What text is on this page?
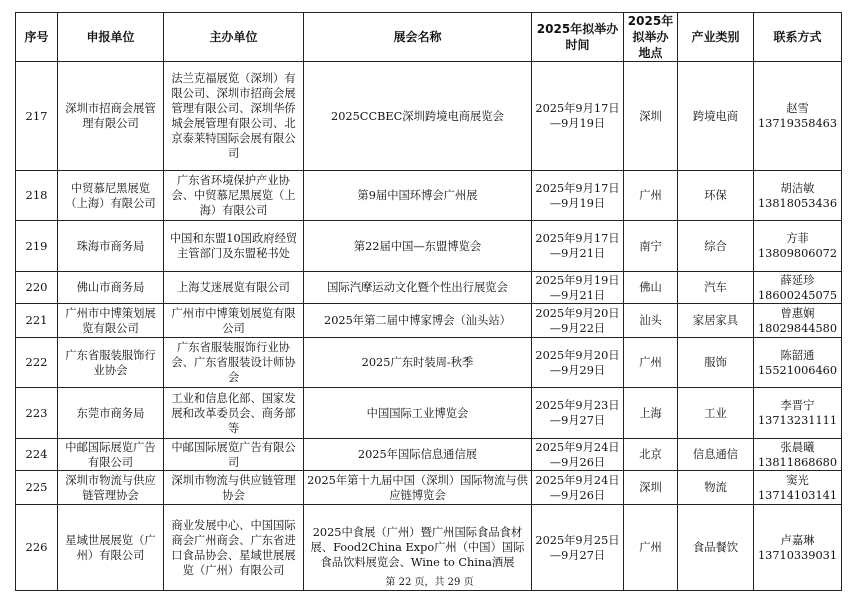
序号	申报单位	主办单位	展会名称	2025年拟举办时间	2025年拟举办地点	产业类别	联系方式
217	深圳市招商会展管理有限公司	法兰克福展览（深圳）有限公司、深圳市招商会展管理有限公司、深圳华侨城会展管理有限公司、北京泰莱特国际会展有限公司	2025CCBEC深圳跨境电商展览会	2025年9月17日—9月19日	深圳	跨境电商	赵雪
13719358463

218	中贸慕尼黑展览（上海）有限公司	广东省环境保护产业协会、中贸慕尼黑展览（上海）有限公司	第9届中国环博会广州展	2025年9月17日—9月19日	广州	环保	胡洁敏
13818053436

219	珠海市商务局	中国和东盟10国政府经贸主管部门及东盟秘书处	第22届中国—东盟博览会	2025年9月17日—9月21日	南宁	综合	方菲
13809806072

220	佛山市商务局	上海艾迷展览有限公司	国际汽摩运动文化暨个性出行展览会	2025年9月19日—9月21日	佛山	汽车	薛延珍
18600245075

221	广州市中博策划展览有限公司	广州市中博策划展览有限公司	2025年第二届中博家博会（汕头站）	2025年9月20日—9月22日	汕头	家居家具	曾惠娴
18029844580

222	广东省服装服饰行业协会	广东省服装服饰行业协会、广东省服装设计师协会	2025广东时装周-秋季	2025年9月20日—9月29日	广州	服饰	陈韶通
15521006460

223	东莞市商务局	工业和信息化部、国家发展和改革委员会、商务部等	中国国际工业博览会	2025年9月23日—9月27日	上海	工业	李晋宁
13713231111

224	中邮国际展览广告有限公司	中邮国际展览广告有限公司	2025年国际信息通信展	2025年9月24日—9月26日	北京	信息通信	张晨曦
13811868680

225	深圳市物流与供应链管理协会	深圳市物流与供应链管理协会	2025年第十九届中国（深圳）国际物流与供应链博览会	2025年9月24日—9月26日	深圳	物流	窦光
13714103141

226	星域世展展览（广州）有限公司	商业发展中心、中国国际商会广州商会、广东省进口食品协会、星域世展展览（广州）有限公司	2025中食展（广州）暨广州国际食品食材展、Food2China Expo广州（中国）国际食品饮料展览会、Wine to China酒展	2025年9月25日—9月27日	广州	食品餐饮	卢嘉琳
13710339031
第 22 页，共 29 页
